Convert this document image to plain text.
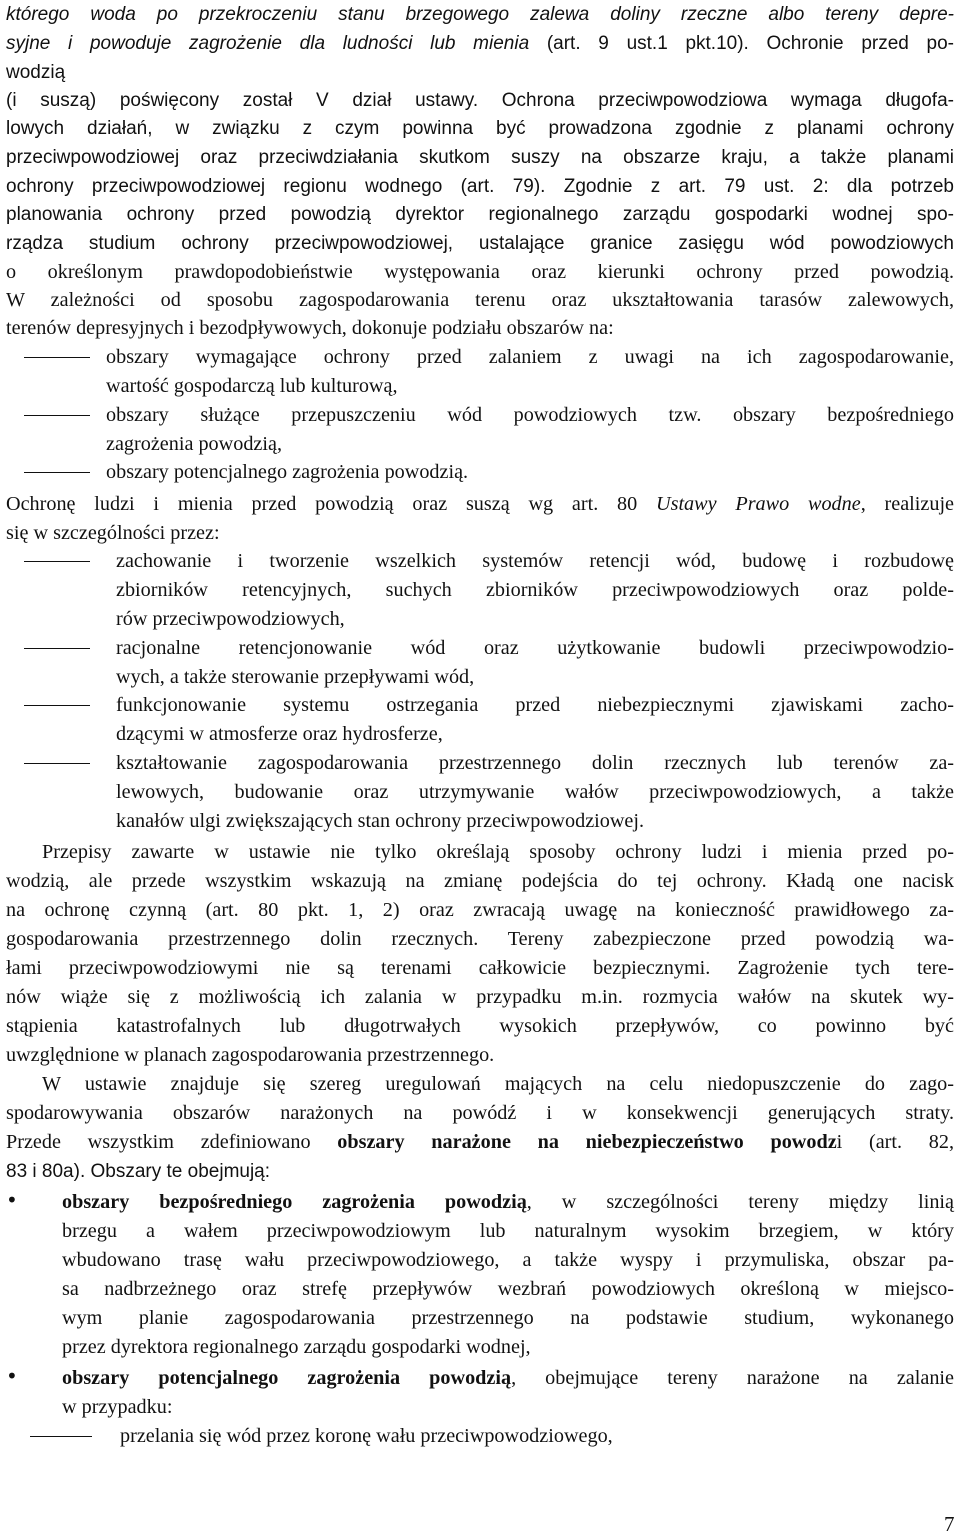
którego woda po przekroczeniu stanu brzegowego zalewa doliny rzeczne albo tereny depre-
syjne i powoduje zagrożenie dla ludności lub mienia (art. 9 ust.1 pkt.10). Ochronie przed po-
wodzią
(i suszą) poświęcony został V dział ustawy. Ochrona przeciwpowodziowa wymaga długofa-
lowych działań, w związku z czym powinna być prowadzona zgodnie z planami ochrony
przeciwpowodziowej oraz przeciwdziałania skutkom suszy na obszarze kraju, a także planami
ochrony przeciwpowodziowej regionu wodnego (art. 79). Zgodnie z art. 79 ust. 2: dla potrzeb
planowania ochrony przed powodzią dyrektor regionalnego zarządu gospodarki wodnej spo-
rządza studium ochrony przeciwpowodziowej, ustalające granice zasięgu wód powodziowych
o określonym prawdopodobieństwie występowania oraz kierunki ochrony przed powodzią.
W zależności od sposobu zagospodarowania terenu oraz ukształtowania tarasów zalewowych,
terenów depresyjnych i bezodpływowych, dokonuje podziału obszarów na:
obszary wymagające ochrony przed zalaniem z uwagi na ich zagospodarowanie,
wartość gospodarczą lub kulturową,
obszary służące przepuszczeniu wód powodziowych tzw. obszary bezpośredniego
zagrożenia powodzią,
obszary potencjalnego zagrożenia powodzią.
Ochronę ludzi i mienia przed powodzią oraz suszą wg art. 80 Ustawy Prawo wodne, realizuje
się w szczególności przez:
zachowanie i tworzenie wszelkich systemów retencji wód, budowę i rozbudowę
zbiorników retencyjnych, suchych zbiorników przeciwpowodziowych oraz polde-
rów przeciwpowodziowych,
racjonalne retencjonowanie wód oraz użytkowanie budowli przeciwpowodzio-
wych, a także sterowanie przepływami wód,
funkcjonowanie systemu ostrzegania przed niebezpiecznymi zjawiskami zacho-
dzącymi w atmosferze oraz hydrosferze,
kształtowanie zagospodarowania przestrzennego dolin rzecznych lub terenów za-
lewowych, budowanie oraz utrzymywanie wałów przeciwpowodziowych, a także
kanałów ulgi zwiększających stan ochrony przeciwpowodziowej.
Przepisy zawarte w ustawie nie tylko określają sposoby ochrony ludzi i mienia przed po-
wodzią, ale przede wszystkim wskazują na zmianę podejścia do tej ochrony. Kładą one nacisk
na ochronę czynną (art. 80 pkt. 1, 2) oraz zwracają uwagę na konieczność prawidłowego za-
gospodarowania przestrzennego dolin rzecznych. Tereny zabezpieczone przed powodzią wa-
łami przeciwpowodziowymi nie są terenami całkowicie bezpiecznymi. Zagrożenie tych tere-
nów wiąże się z możliwością ich zalania w przypadku m.in. rozmycia wałów na skutek wy-
stąpienia katastrofalnych lub długotrwałych wysokich przepływów, co powinno być
uwzględnione w planach zagospodarowania przestrzennego.
W ustawie znajduje się szereg uregulowań mających na celu niedopuszczenie do zago-
spodarowywania obszarów narażonych na powódź i w konsekwencji generujących straty.
Przede wszystkim zdefiniowano obszary narażone na niebezpieczeństwo powodzi (art. 82,
83 i 80a). Obszary te obejmują:
• obszary bezpośredniego zagrożenia powodzią, w szczególności tereny między linią
brzegu a wałem przeciwpowodziowym lub naturalnym wysokim brzegiem, w który
wbudowano trasę wału przeciwpowodziowego, a także wyspy i przymuliska, obszar pa-
sa nadbrzeżnego oraz strefę przepływów wezbrań powodziowych określoną w miejsco-
wym planie zagospodarowania przestrzennego na podstawie studium, wykonanego
przez dyrektora regionalnego zarządu gospodarki wodnej,
• obszary potencjalnego zagrożenia powodzią, obejmujące tereny narażone na zalanie
w przypadku:
przelania się wód przez koronę wału przeciwpowodziowego,
7
